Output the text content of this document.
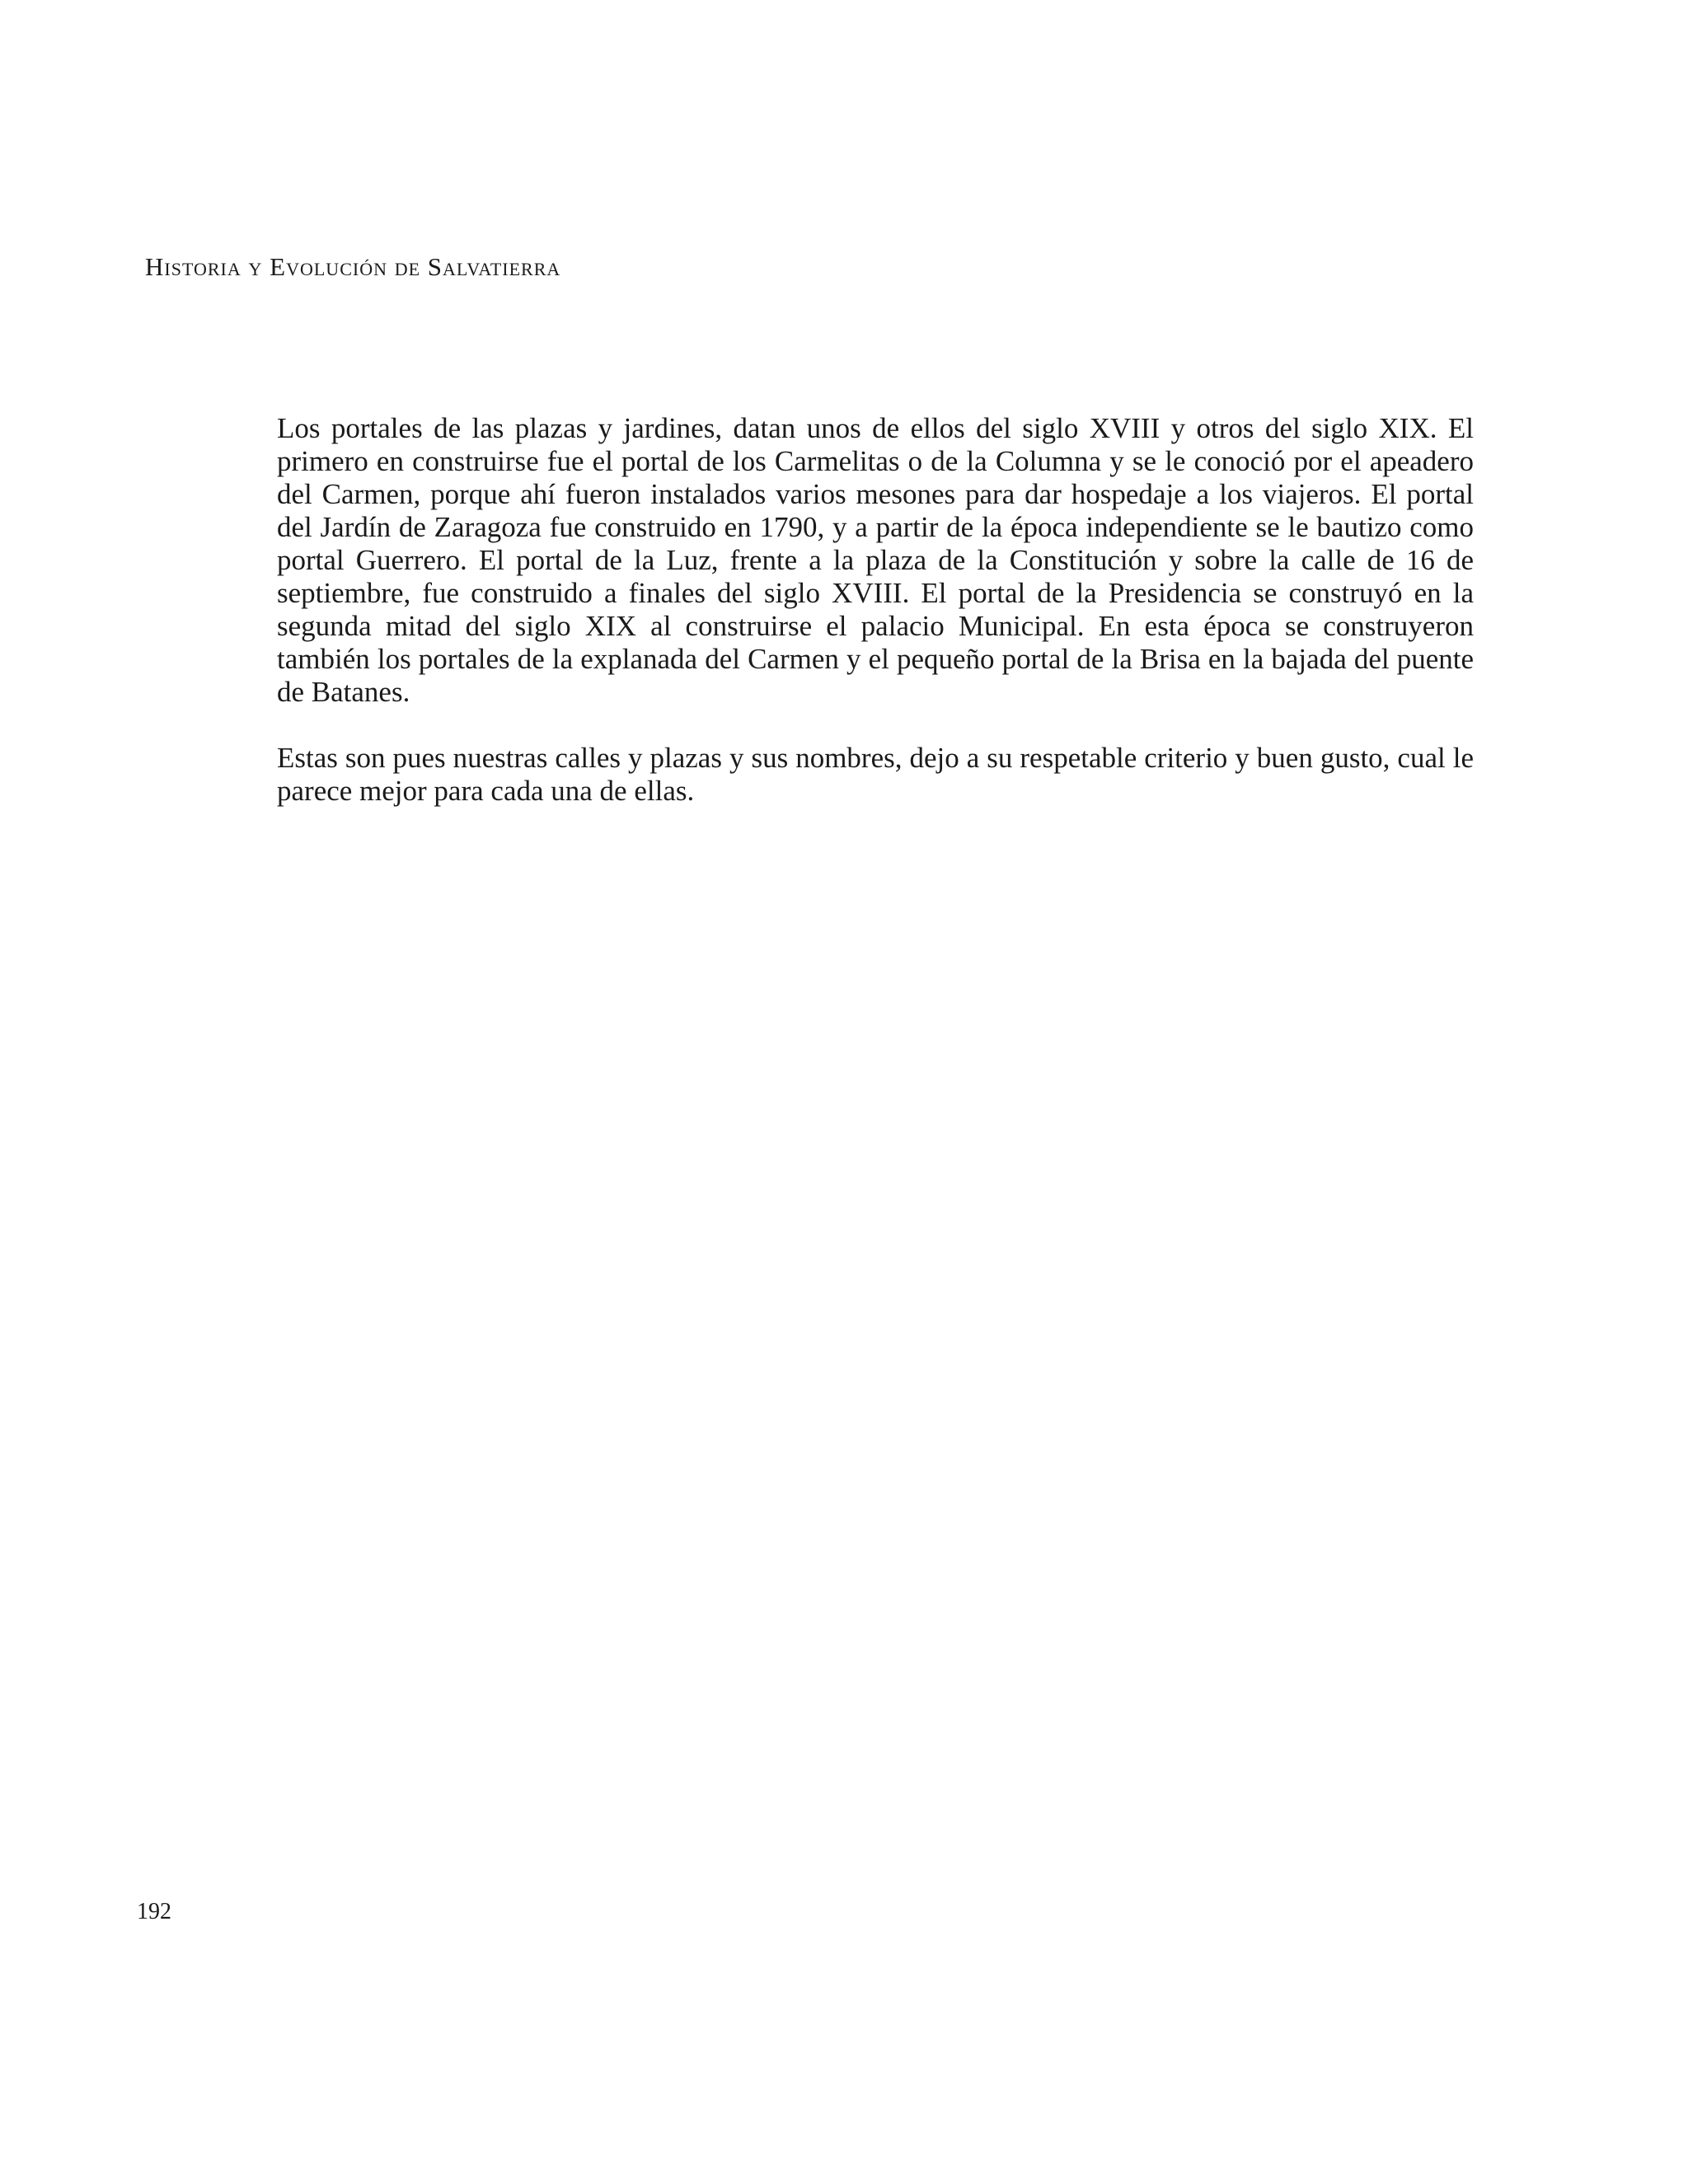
Historia y Evolución de Salvatierra

Los portales de las plazas y jardines, datan unos de ellos del siglo XVIII y otros del siglo XIX. El primero en construirse fue el portal de los Carmelitas o de la Columna y se le conoció por el apeadero del Carmen, porque ahí fueron instalados varios mesones para dar hospedaje a los viajeros. El portal del Jardín de Zaragoza fue construido en 1790, y a partir de la época independiente se le bautizo como portal Guerrero. El portal de la Luz, frente a la plaza de la Constitución y sobre la calle de 16 de septiembre, fue construido a finales del siglo XVIII. El portal de la Presidencia se construyó en la segunda mitad del siglo XIX al construirse el palacio Municipal. En esta época se construyeron también los portales de la explanada del Carmen y el pequeño portal de la Brisa en la bajada del puente de Batanes.

Estas son pues nuestras calles y plazas y sus nombres, dejo a su respetable criterio y buen gusto, cual le parece mejor para cada una de ellas.

192
